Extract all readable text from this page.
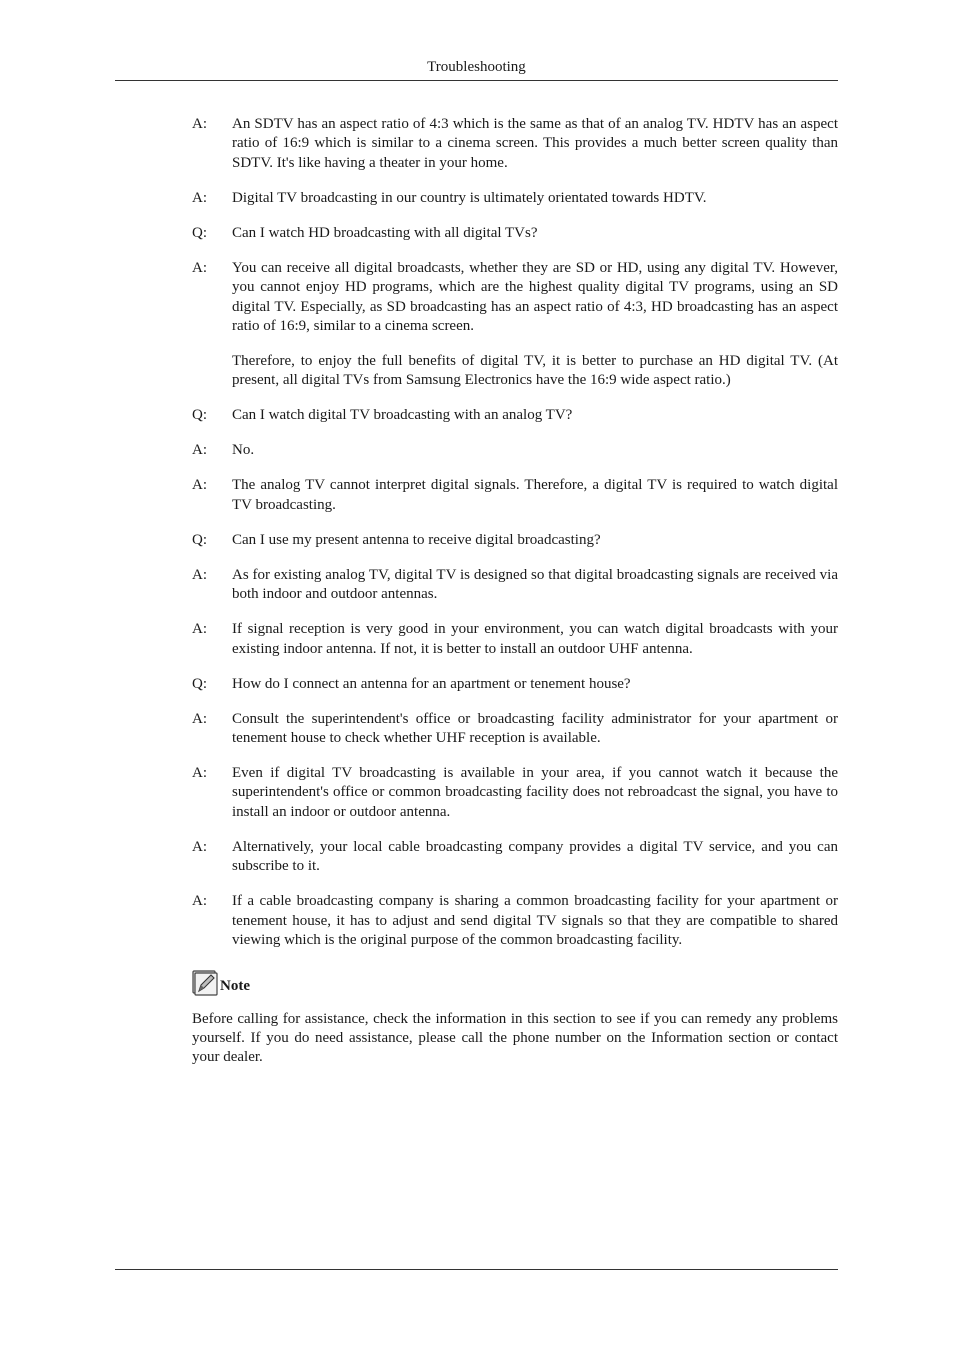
Troubleshooting
A:	An SDTV has an aspect ratio of 4:3 which is the same as that of an analog TV. HDTV has an aspect ratio of 16:9 which is similar to a cinema screen. This provides a much better screen quality than SDTV. It's like having a theater in your home.
A:	Digital TV broadcasting in our country is ultimately orientated towards HDTV.
Q:	Can I watch HD broadcasting with all digital TVs?
A:	You can receive all digital broadcasts, whether they are SD or HD, using any digital TV. However, you cannot enjoy HD programs, which are the highest quality digital TV programs, using an SD digital TV. Especially, as SD broadcasting has an aspect ratio of 4:3, HD broadcasting has an aspect ratio of 16:9, similar to a cinema screen.
Therefore, to enjoy the full benefits of digital TV, it is better to purchase an HD digital TV. (At present, all digital TVs from Samsung Electronics have the 16:9 wide aspect ratio.)
Q:	Can I watch digital TV broadcasting with an analog TV?
A:	No.
A:	The analog TV cannot interpret digital signals. Therefore, a digital TV is required to watch digital TV broadcasting.
Q:	Can I use my present antenna to receive digital broadcasting?
A:	As for existing analog TV, digital TV is designed so that digital broadcasting signals are received via both indoor and outdoor antennas.
A:	If signal reception is very good in your environment, you can watch digital broadcasts with your existing indoor antenna. If not, it is better to install an outdoor UHF antenna.
Q:	How do I connect an antenna for an apartment or tenement house?
A:	Consult the superintendent's office or broadcasting facility administrator for your apartment or tenement house to check whether UHF reception is available.
A:	Even if digital TV broadcasting is available in your area, if you cannot watch it because the superintendent's office or common broadcasting facility does not rebroadcast the signal, you have to install an indoor or outdoor antenna.
A:	Alternatively, your local cable broadcasting company provides a digital TV service, and you can subscribe to it.
A:	If a cable broadcasting company is sharing a common broadcasting facility for your apartment or tenement house, it has to adjust and send digital TV signals so that they are compatible to shared viewing which is the original purpose of the common broadcasting facility.
Note
Before calling for assistance, check the information in this section to see if you can remedy any problems yourself. If you do need assistance, please call the phone number on the Information section or contact your dealer.
